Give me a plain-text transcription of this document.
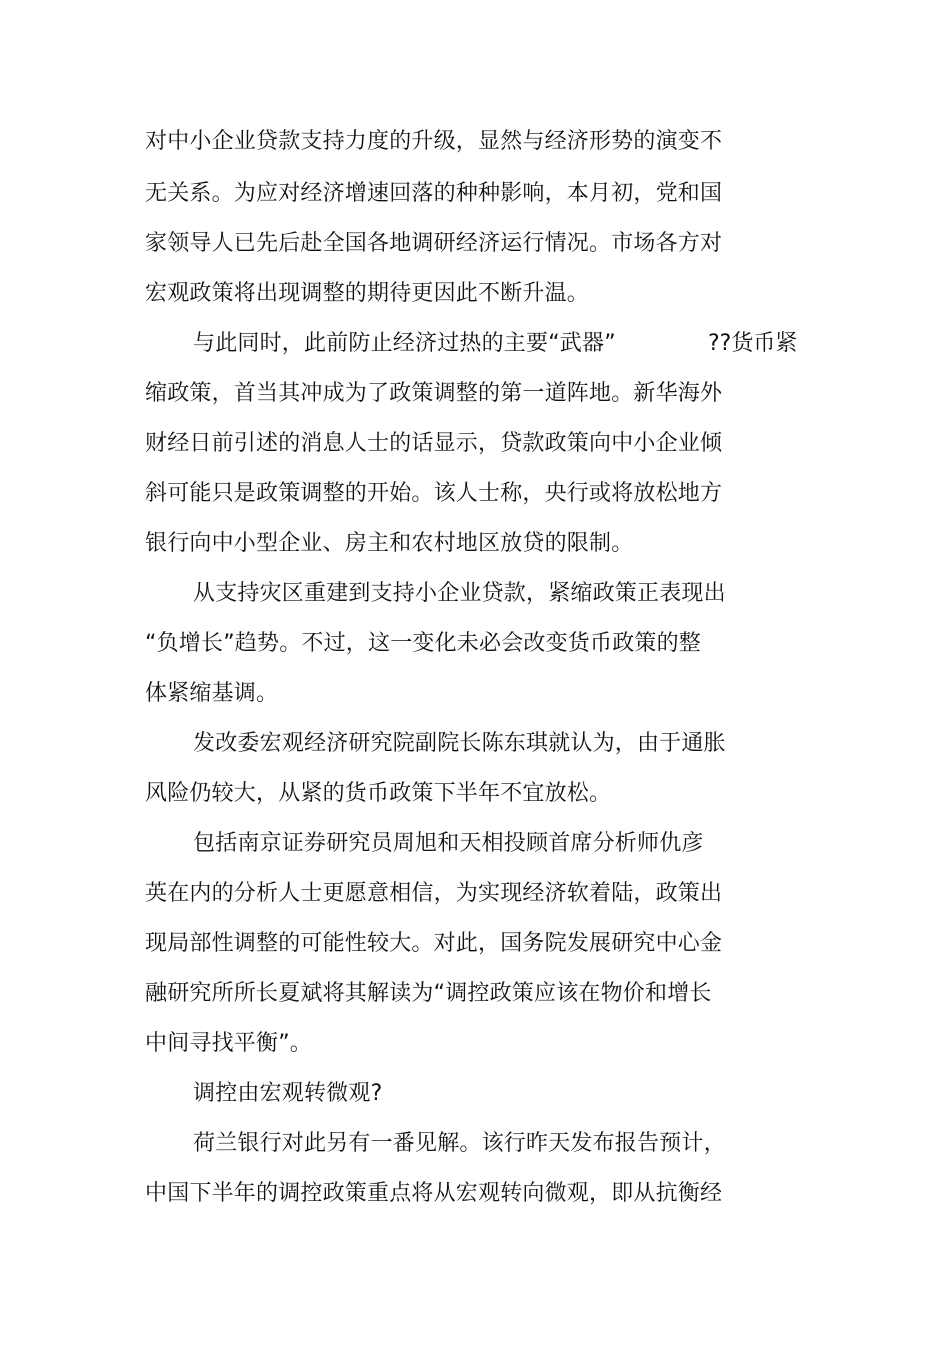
对中小企业贷款支持力度的升级，显然与经济形势的演变不
无关系。为应对经济增速回落的种种影响，本月初，党和国
家领导人已先后赴全国各地调研经济运行情况。市场各方对
宏观政策将出现调整的期待更因此不断升温。
与此同时，此前防止经济过热的主要“武器”	??货币紧
缩政策，首当其冲成为了政策调整的第一道阵地。新华海外
财经日前引述的消息人士的话显示，贷款政策向中小企业倾
斜可能只是政策调整的开始。该人士称，央行或将放松地方
银行向中小型企业、房主和农村地区放贷的限制。
从支持灾区重建到支持小企业贷款，紧缩政策正表现出
“负增长”趋势。不过，这一变化未必会改变货币政策的整
体紧缩基调。
发改委宏观经济研究院副院长陈东琪就认为，由于通胀
风险仍较大，从紧的货币政策下半年不宜放松。
包括南京证券研究员周旭和天相投顾首席分析师仇彦
英在内的分析人士更愿意相信，为实现经济软着陆，政策出
现局部性调整的可能性较大。对此，国务院发展研究中心金
融研究所所长夏斌将其解读为“调控政策应该在物价和增长
中间寻找平衡”。
调控由宏观转微观?
荷兰银行对此另有一番见解。该行昨天发布报告预计，
中国下半年的调控政策重点将从宏观转向微观，即从抗衡经
